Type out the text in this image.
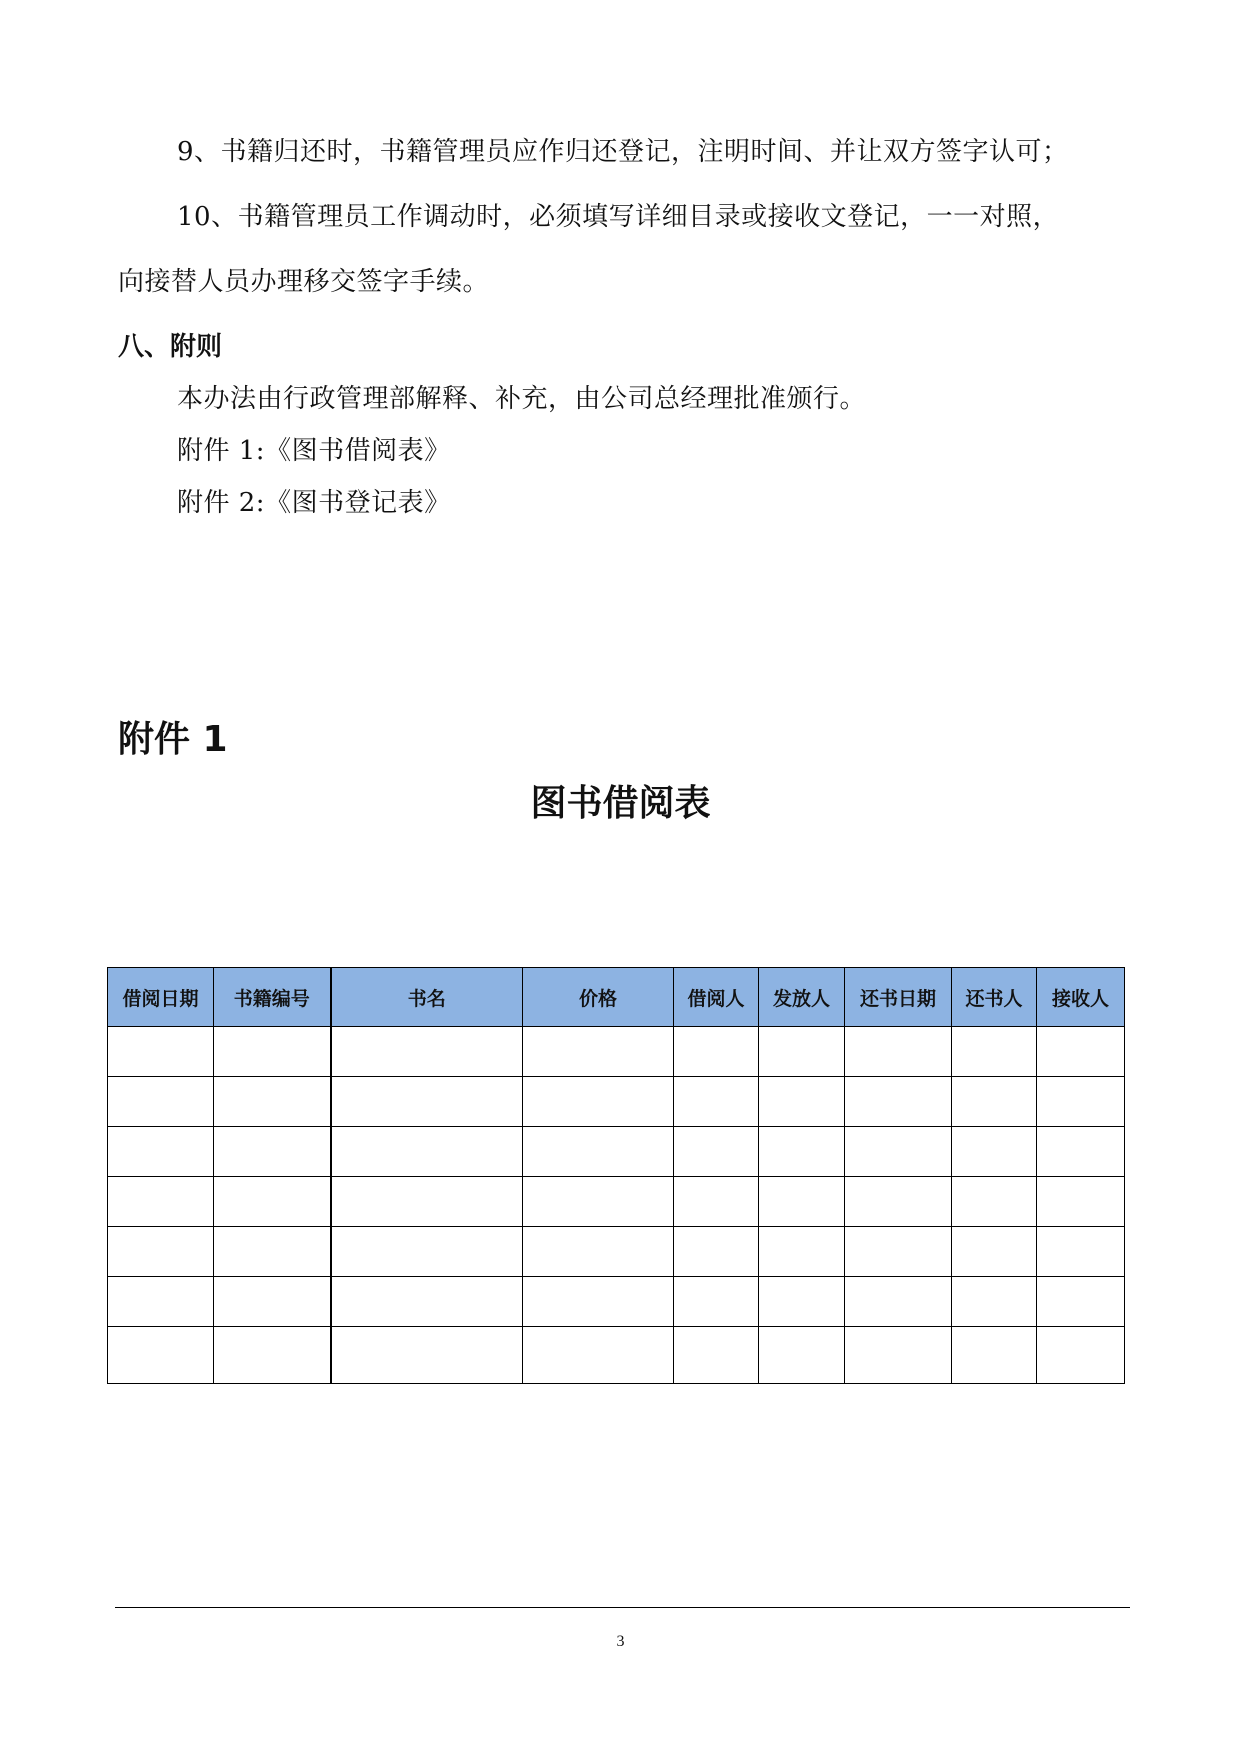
9、书籍归还时，书籍管理员应作归还登记，注明时间、并让双方签字认可；
10、书籍管理员工作调动时，必须填写详细目录或接收文登记，一一对照，
向接替人员办理移交签字手续。
八、附则
本办法由行政管理部解释、补充，由公司总经理批准颁行。
附件 1:《图书借阅表》
附件 2:《图书登记表》
附件 1
图书借阅表
借阅日期	书籍编号	书名	价格	借阅人	发放人	还书日期	还书人	接收人

3
